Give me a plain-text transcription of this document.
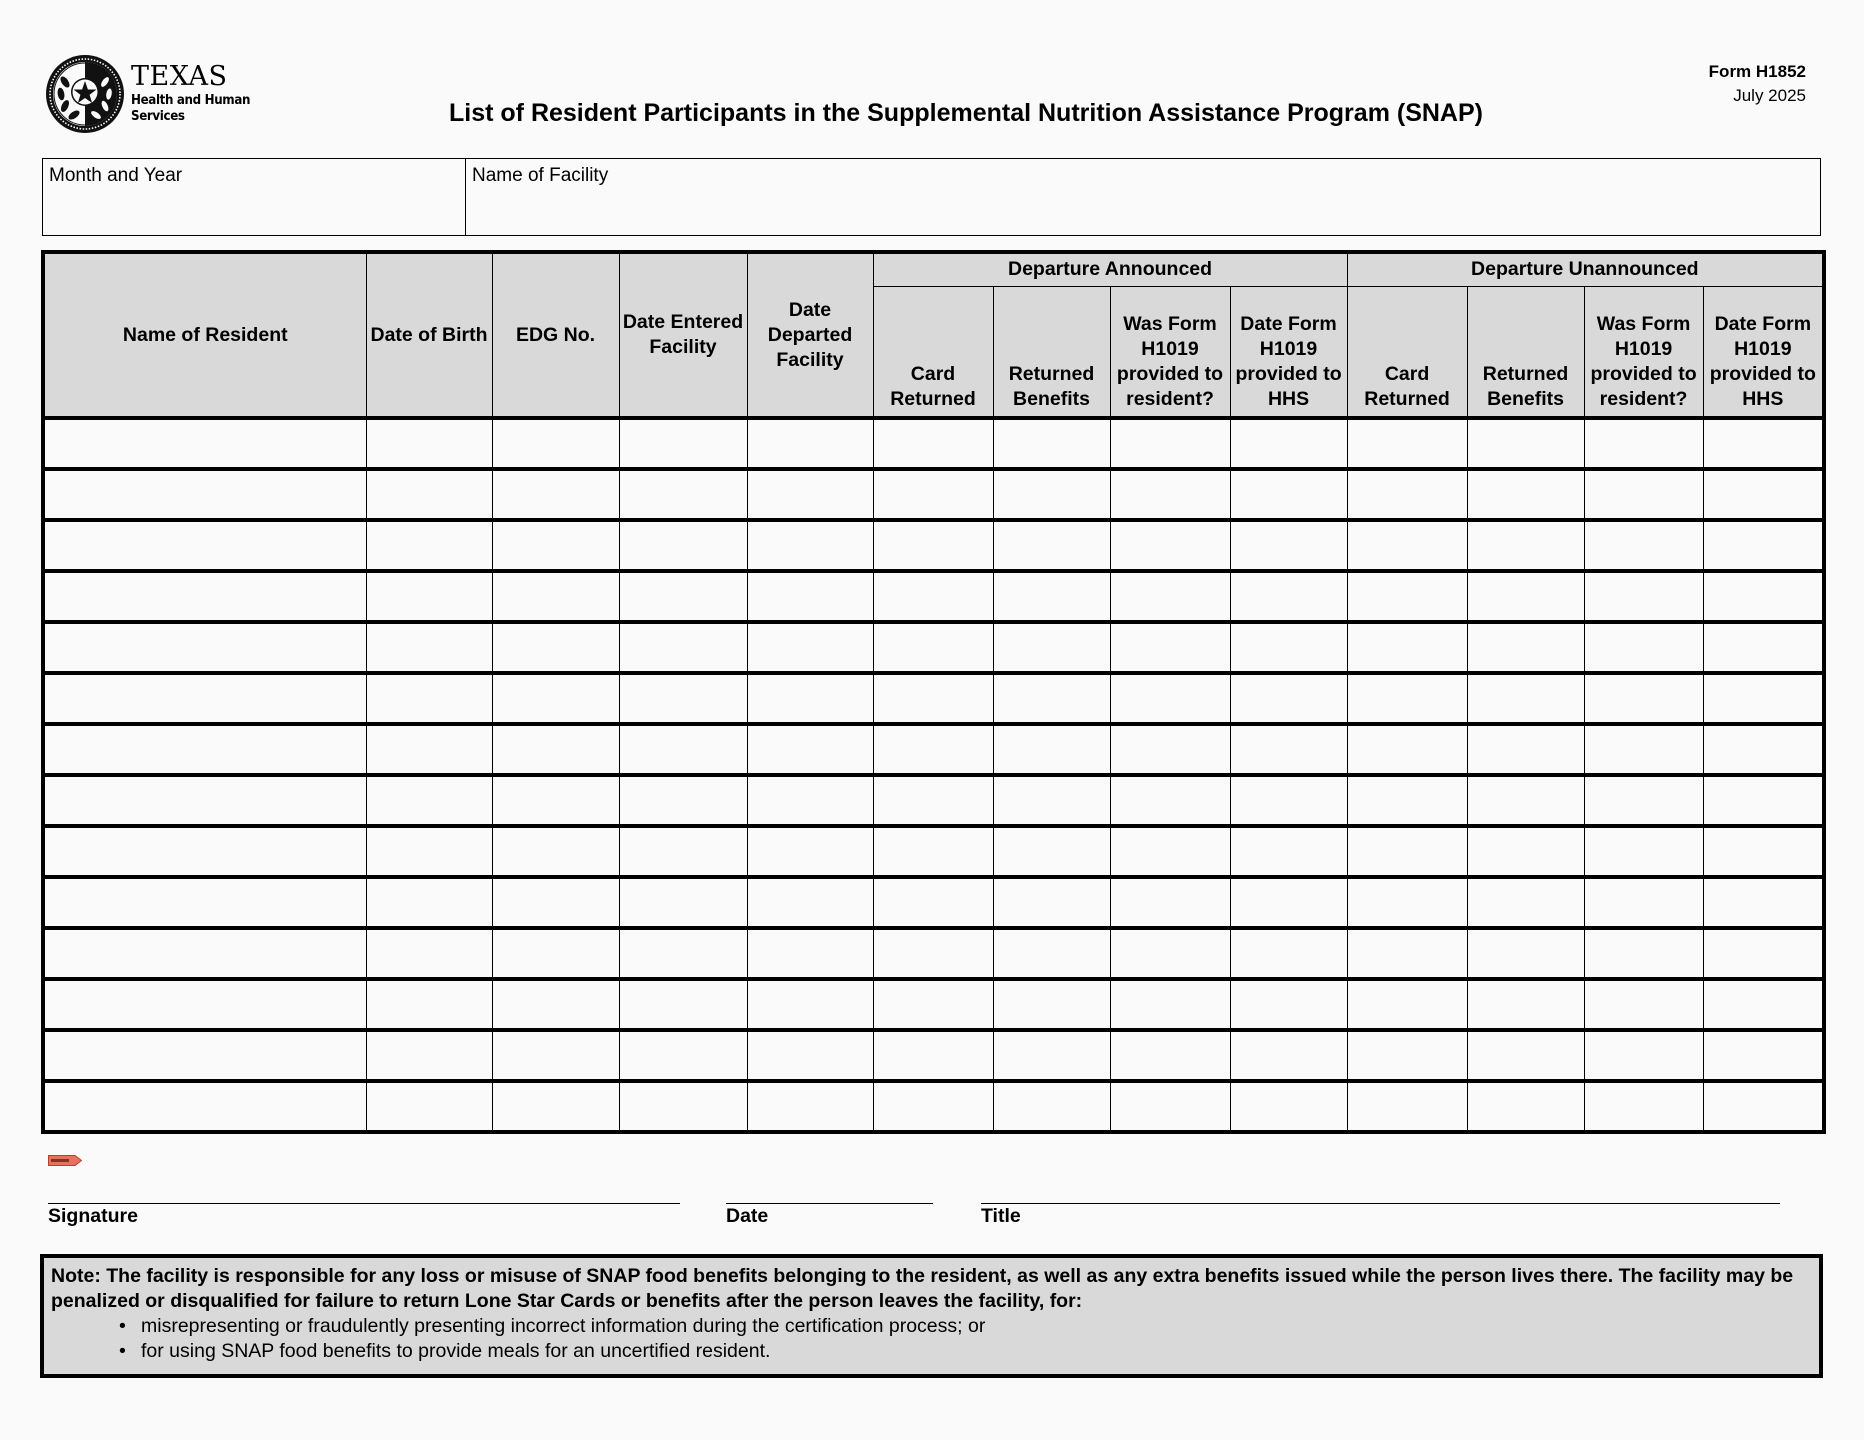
TEXAS
Health and Human
Services
Form H1852
July 2025
List of Resident Participants in the Supplemental Nutrition Assistance Program (SNAP)
Month and Year	Name of Facility
Name of Resident	Date of Birth	EDG No.	Date Entered Facility	Date Departed Facility	Departure Announced				Departure Unannounced			
					Card Returned	Returned Benefits	Was Form H1019 provided to resident?	Date Form H1019 provided to HHS	Card Returned	Returned Benefits	Was Form H1019 provided to resident?	Date Form H1019 provided to HHS

Signature	Date	Title

Note: The facility is responsible for any loss or misuse of SNAP food benefits belonging to the resident, as well as any extra benefits issued while the person lives there. The facility may be penalized or disqualified for failure to return Lone Star Cards or benefits after the person leaves the facility, for:

• misrepresenting or fraudulently presenting incorrect information during the certification process; or
• for using SNAP food benefits to provide meals for an uncertified resident.
